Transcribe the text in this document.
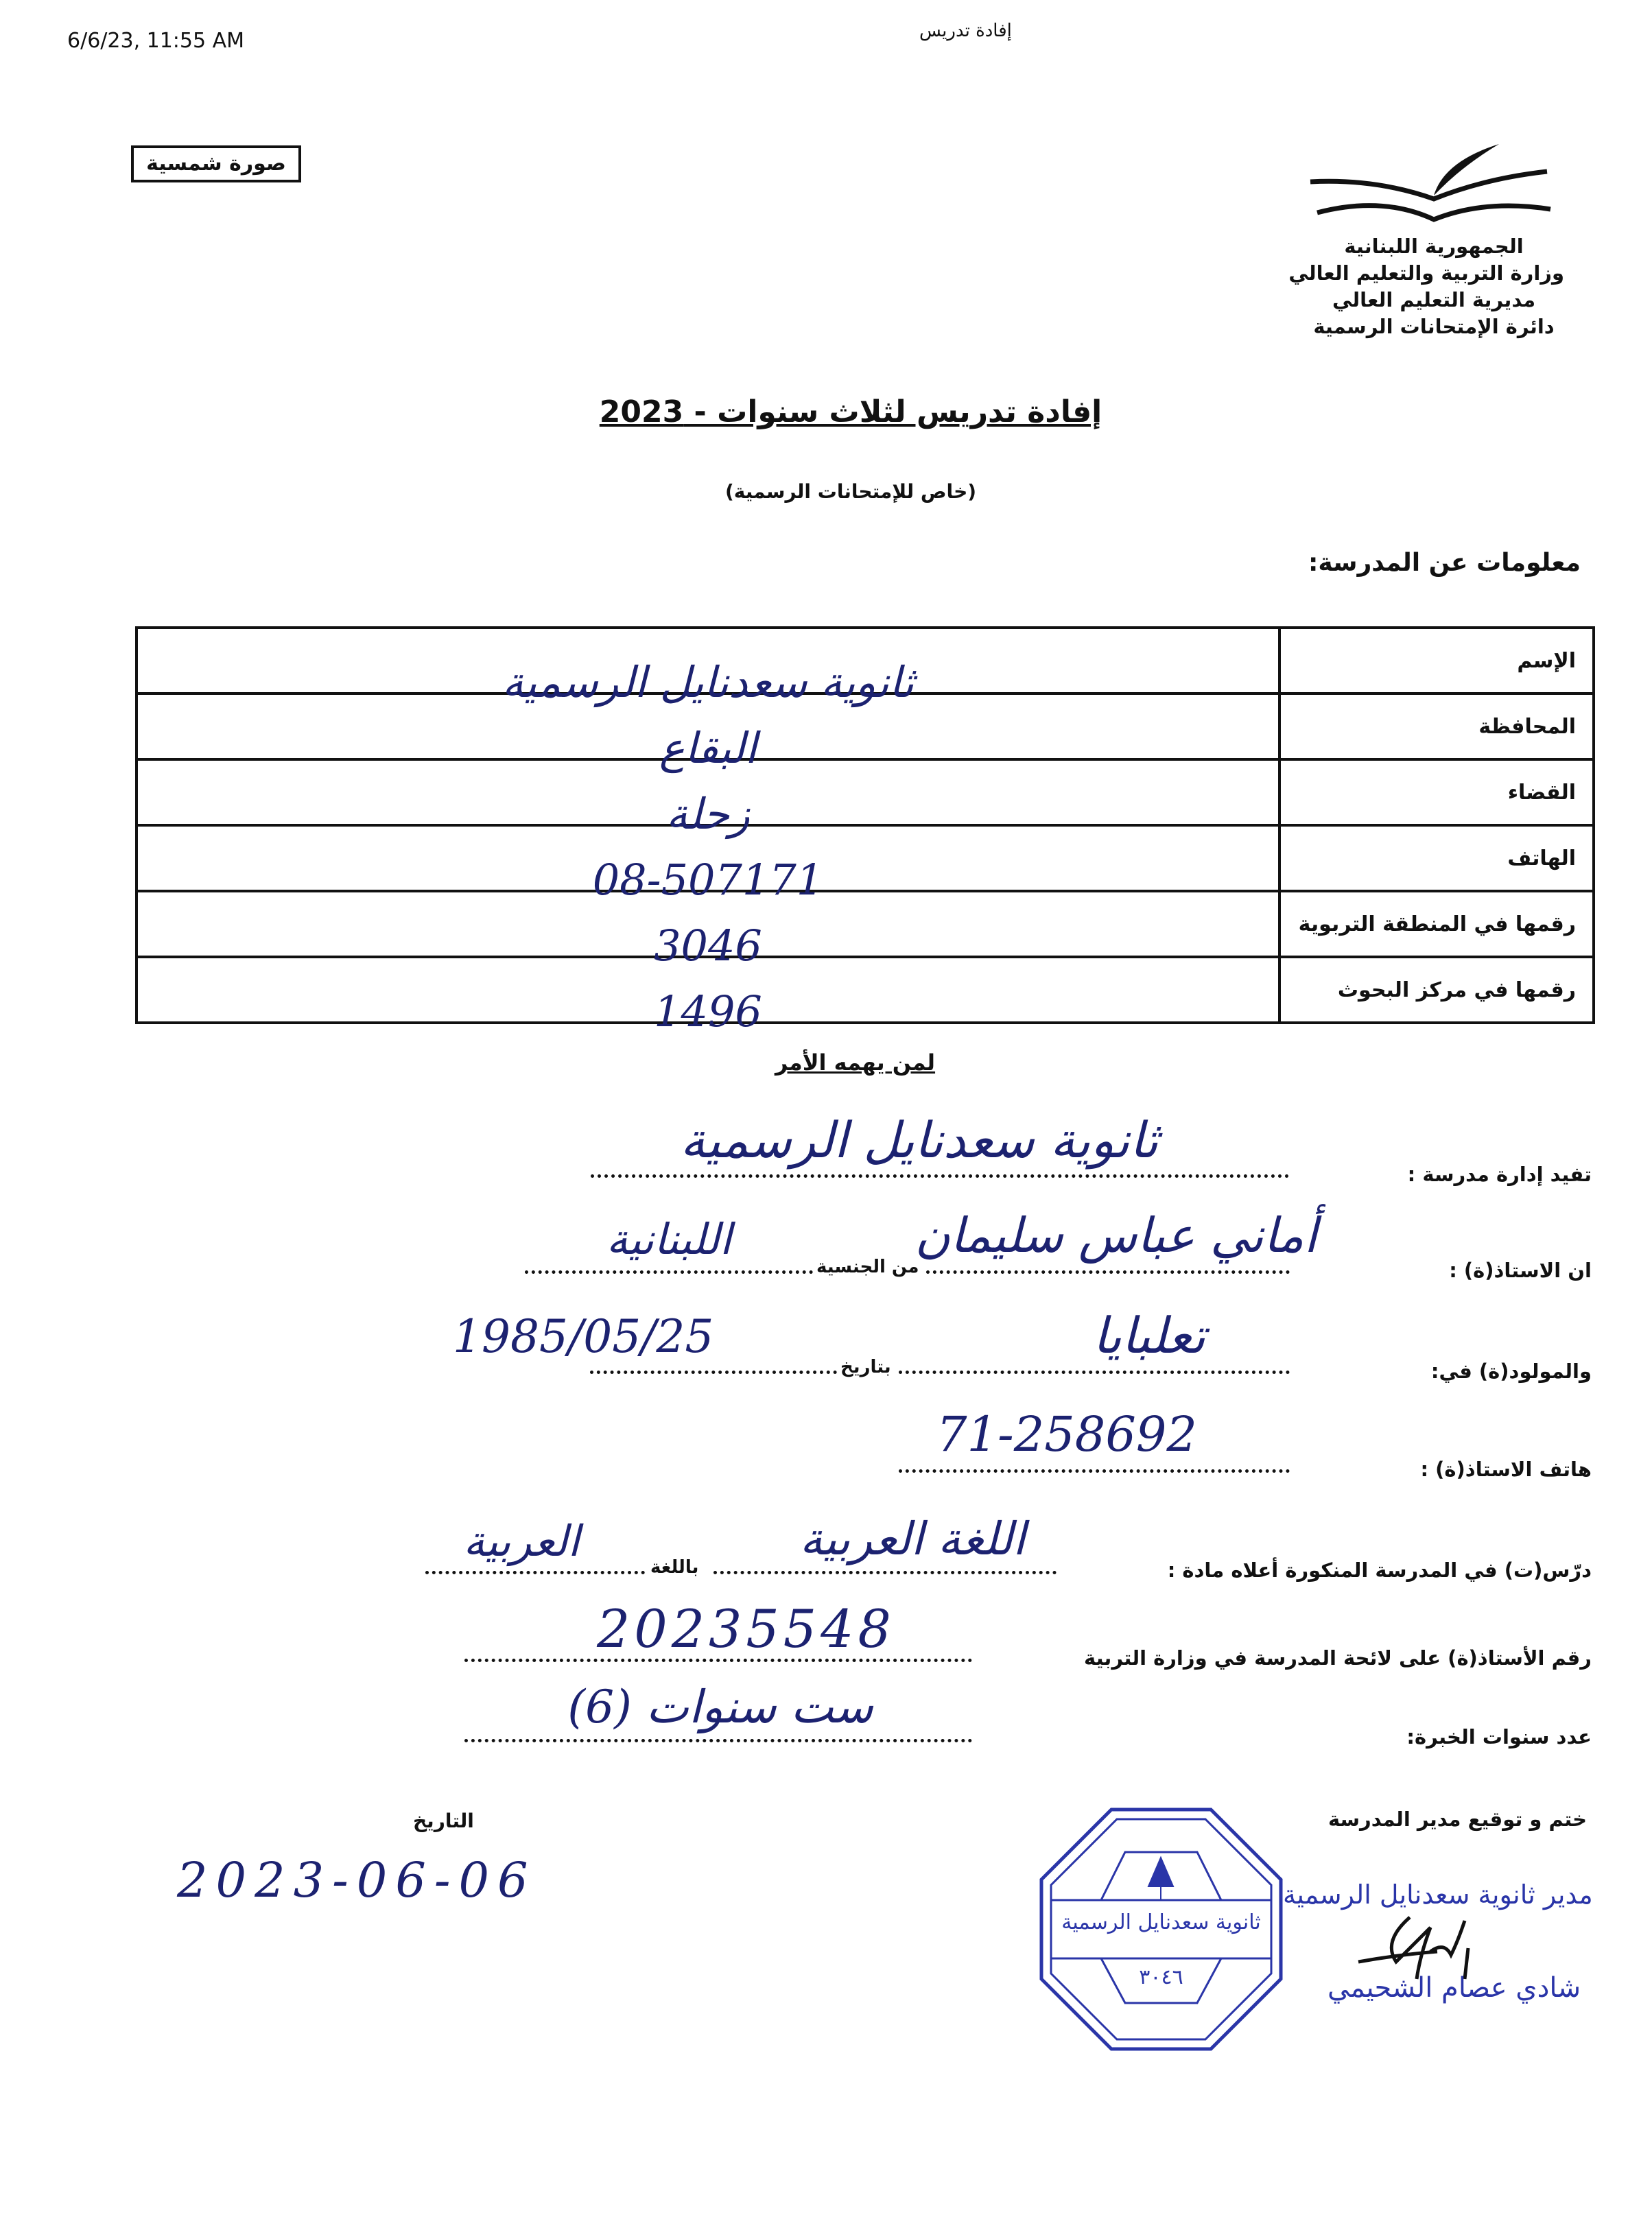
6/6/23, 11:55 AM	إفادة تدريس
صورة شمسية
الجمهورية اللبنانية
وزارة التربية والتعليم العالي
مديرية التعليم العالي
دائرة الإمتحانات الرسمية
إفادة تدريس لثلاث سنوات - 2023
(خاص للإمتحانات الرسمية)
معلومات عن المدرسة:
ثانوية سعدنايل الرسمية	الإسم

البقاع	المحافظة

زحلة	القضاء

08-507171	الهاتف

3046	رقمها في المنطقة التربوية

1496	رقمها في مركز البحوث
لمن يهمه الأمر
تفيد إدارة مدرسة :
ثانوية سعدنايل الرسمية
ان الاستاذ(ة) :
أماني عباس سليمان
من الجنسية
اللبنانية
والمولود(ة) في:
تعلبايا
بتاريخ
1985/05/25
هاتف الاستاذ(ة) :
71-258692
درّس(ت) في المدرسة المنكورة أعلاه مادة :
اللغة العربية
باللغة
العربية
رقم الأستاذ(ة) على لائحة المدرسة في وزارة التربية
20235548
عدد سنوات الخبرة:
ست سنوات (6)
ختم و توقيع مدير المدرسة
التاريخ
2023-06-06
ثانوية سعدنايل الرسمية
٣٠٤٦
مدير ثانوية سعدنايل الرسمية
شادي عصام الشحيمي
